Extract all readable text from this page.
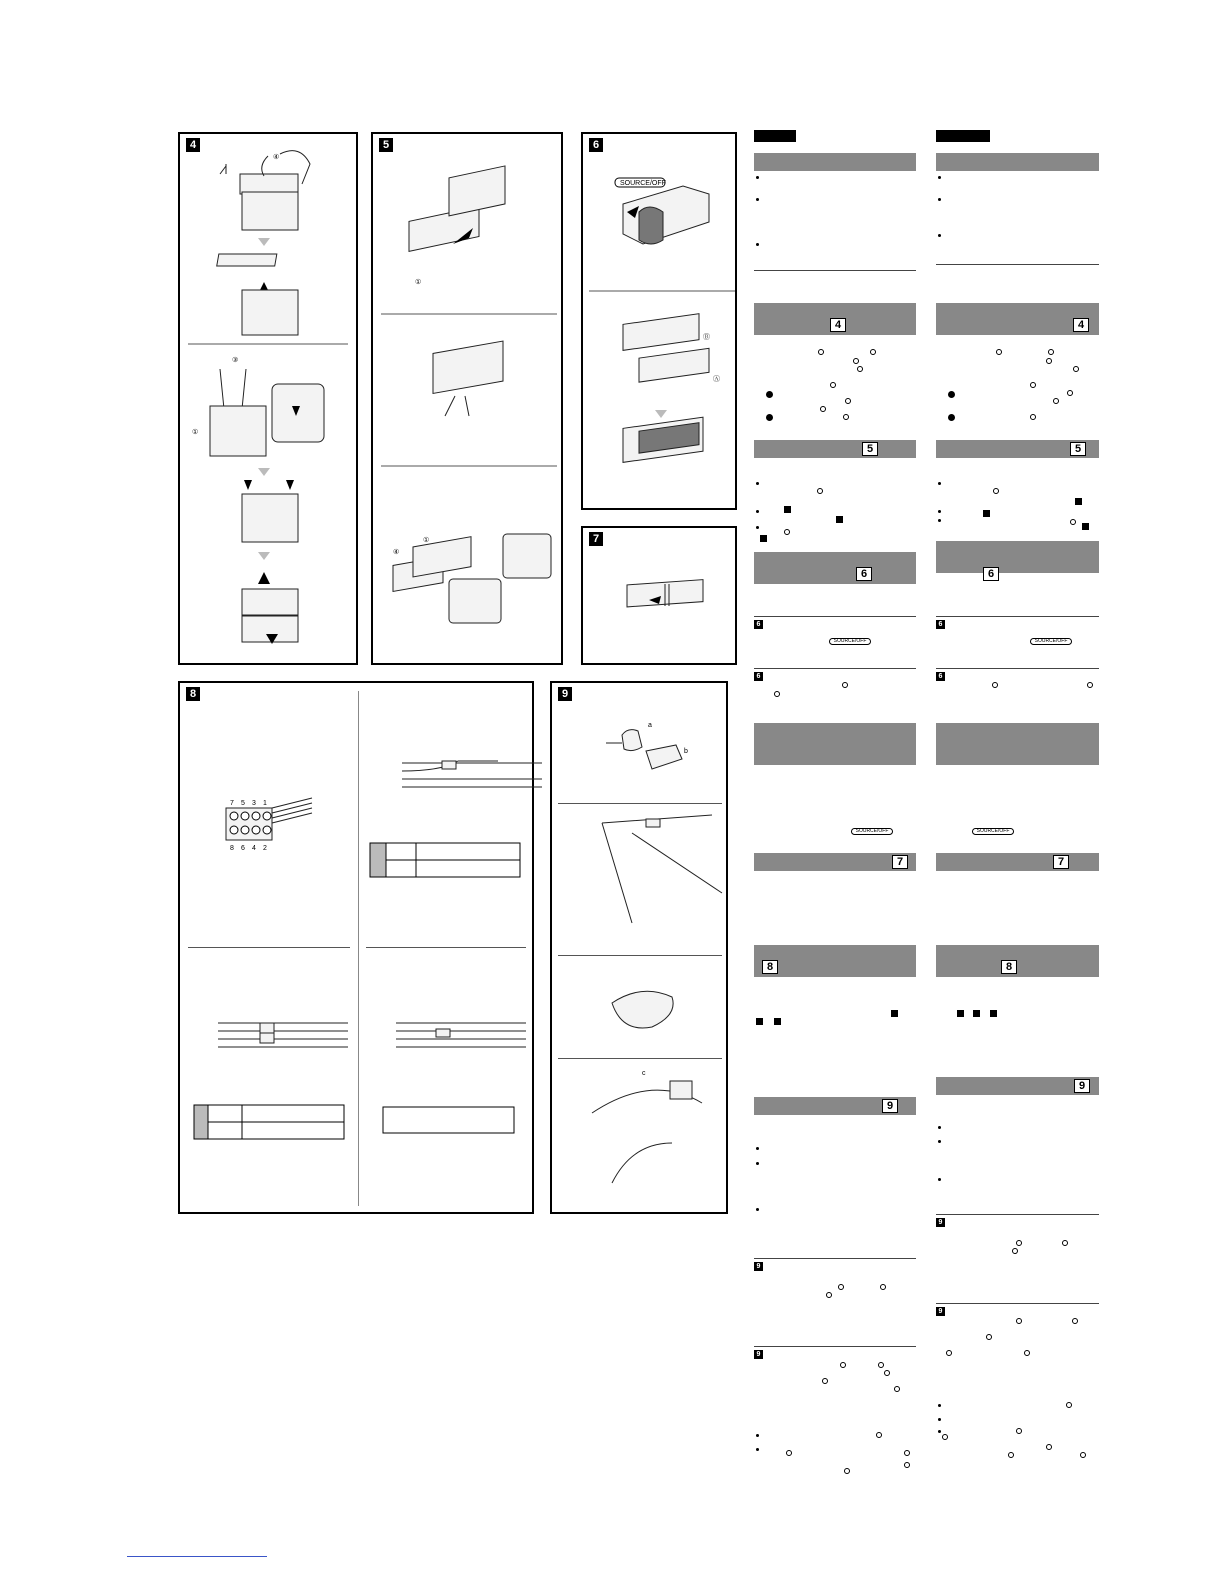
4
④
③
①
5
①
①
④
6
SOURCE/OFF
Ⓑ
Ⓐ
7
8
7 5 3 1
8 6 4 2
9
a
b
c
4
5
6
6
SOURCE/OFF
6
SOURCE/OFF
7
8
9
9
9
4
5
6
6
SOURCE/OFF
6
SOURCE/OFF
7
8
9
9
9
